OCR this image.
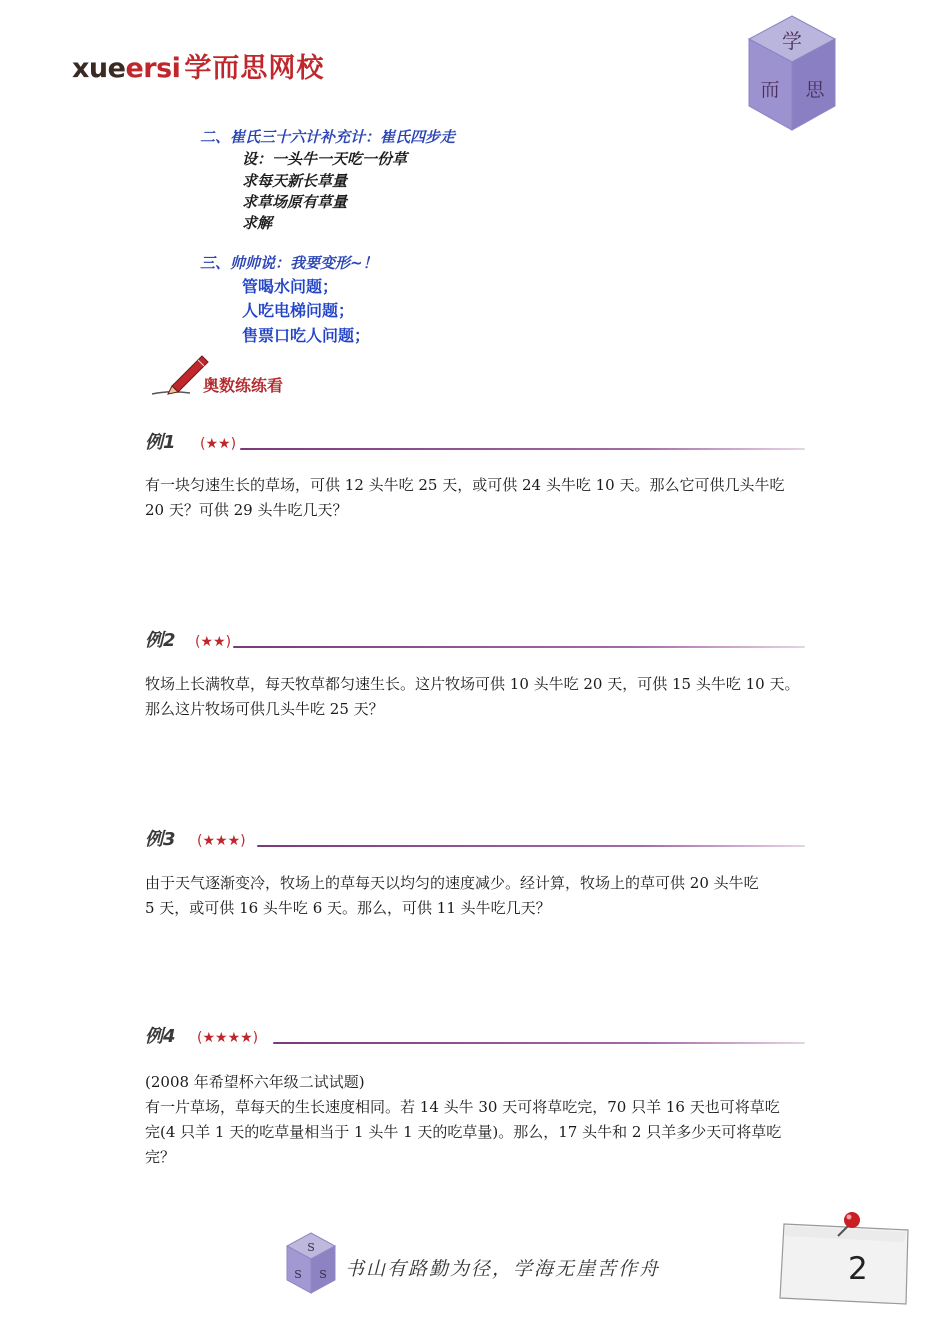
xueersi 学而思网校
学
而 思
二、崔氏三十六计补充计：崔氏四步走
设：一头牛一天吃一份草
求每天新长草量
求草场原有草量
求解
三、帅帅说：我要变形~！
管喝水问题；
人吃电梯问题；
售票口吃人问题；
奥数练练看
例1 (★★)
有一块匀速生长的草场，可供 12 头牛吃 25 天，或可供 24 头牛吃 10 天。那么它可供几头牛吃
20 天？可供 29 头牛吃几天？
例2 (★★)
牧场上长满牧草，每天牧草都匀速生长。这片牧场可供 10 头牛吃 20 天，可供 15 头牛吃 10 天。
那么这片牧场可供几头牛吃 25 天？
例3 (★★★)
由于天气逐渐变冷，牧场上的草每天以均匀的速度减少。经计算，牧场上的草可供 20 头牛吃
5 天，或可供 16 头牛吃 6 天。那么，可供 11 头牛吃几天？
例4 (★★★★)
(2008 年希望杯六年级二试试题)
有一片草场，草每天的生长速度相同。若 14 头牛 30 天可将草吃完，70 只羊 16 天也可将草吃
完(4 只羊 1 天的吃草量相当于 1 头牛 1 天的吃草量)。那么，17 头牛和 2 只羊多少天可将草吃
完？
S
S S 书山有路勤为径，学海无崖苦作舟	2
